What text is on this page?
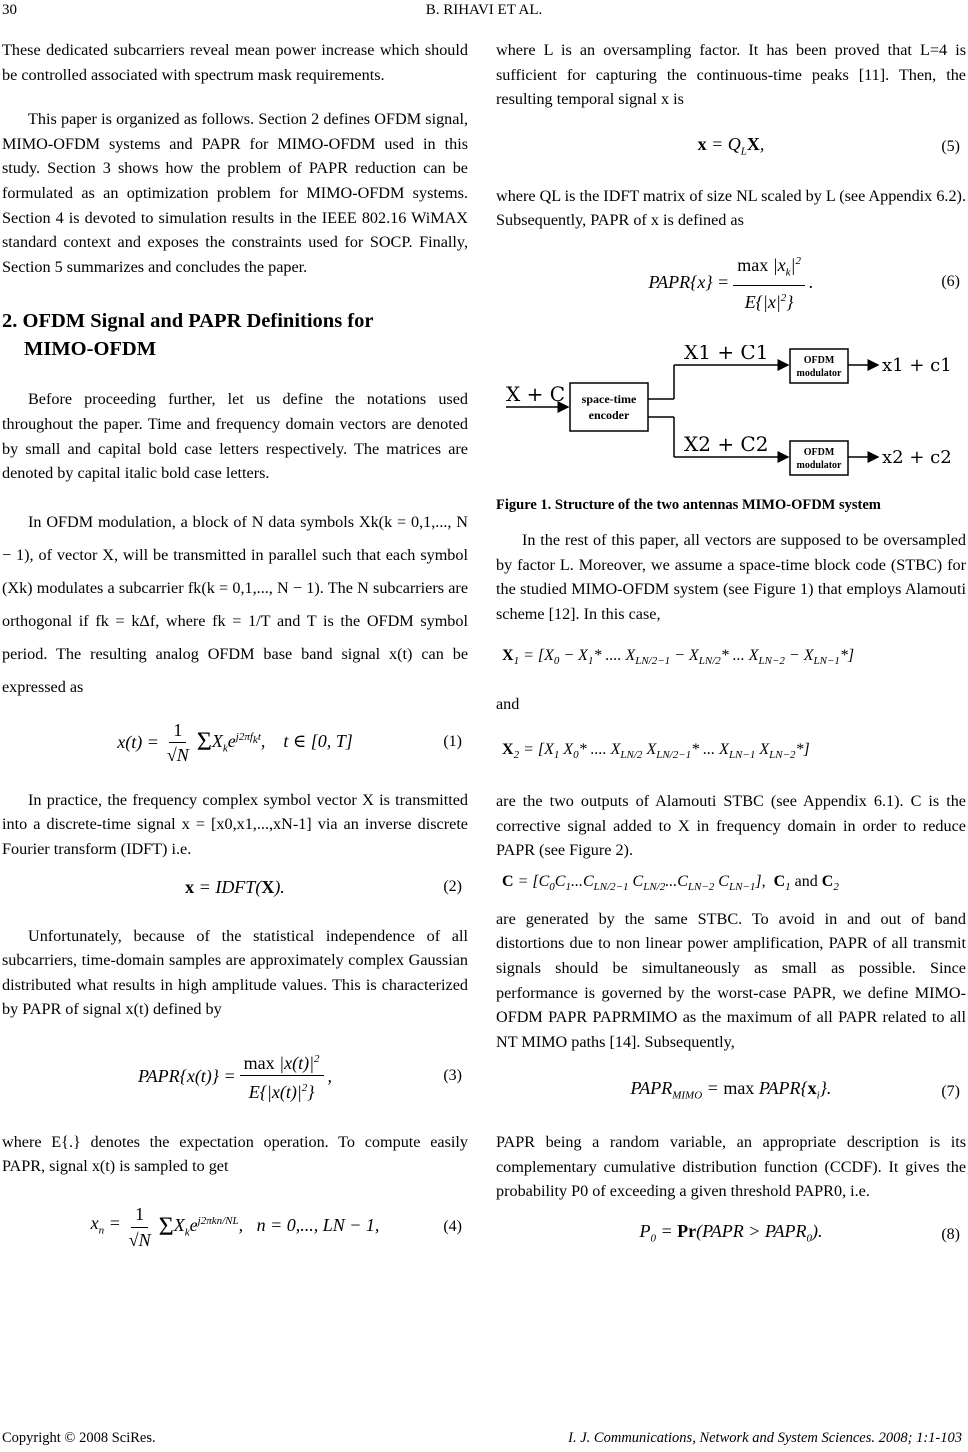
30	B. RIHAVI ET AL.

These dedicated subcarriers reveal mean power increase which should be controlled associated with spectrum mask requirements.

This paper is organized as follows. Section 2 defines OFDM signal, MIMO-OFDM systems and PAPR for MIMO-OFDM used in this study. Section 3 shows how the problem of PAPR reduction can be formulated as an optimization problem for MIMO-OFDM systems. Section 4 is devoted to simulation results in the IEEE 802.16 WiMAX standard context and exposes the constraints used for SOCP. Finally, Section 5 summarizes and concludes the paper.

2. OFDM Signal and PAPR Definitions for
MIMO-OFDM

Before proceeding further, let us define the notations used throughout the paper. Time and frequency domain vectors are denoted by small and capital bold case letters respectively. The matrices are denoted by capital italic bold case letters.

In OFDM modulation, a block of N data symbols Xk(k = 0,1,..., N − 1), of vector X, will be transmitted in parallel such that each symbol (Xk) modulates a subcarrier fk(k = 0,1,..., N − 1). The N subcarriers are orthogonal if fk = kΔf, where fk = 1/T and T is the OFDM symbol period. The resulting analog OFDM base band signal x(t) can be expressed as

$x(t) = \frac{1}{√N}$ Σ $X_ke^{j2\pi f_kt}$,    t ∈ [0, T]	(1)

In practice, the frequency complex symbol vector X is transmitted into a discrete-time signal x = [x0,x1,...,xN-1] via an inverse discrete Fourier transform (IDFT) i.e.

x = IDFT(X).	(2)

Unfortunately, because of the statistical independence of all subcarriers, time-domain samples are approximately complex Gaussian distributed what results in high amplitude values. This is characterized by PAPR of signal x(t) defined by

PAPR{x(t)} = $\frac{\max |x(t)|^2}{E\{|x(t)|^2\}}$ ,	(3)

where E{.} denotes the expectation operation. To compute easily PAPR, signal x(t) is sampled to get

$x_n = \frac{1}{√N}$ Σ $X_ke^{j2\pi kn/NL}$,   n = 0,..., LN − 1,	(4)

where L is an oversampling factor. It has been proved that L=4 is sufficient for capturing the continuous-time peaks [11]. Then, the resulting temporal signal x is

$x = Q_LX$,	(5)

where QL is the IDFT matrix of size NL scaled by L (see Appendix 6.2). Subsequently, PAPR of x is defined as

PAPR{x} = $\frac{\max |x_k|^2}{E\{|x|^2\}}$ .	(6)
X + C space-time
encoder
X1 + C1
X2 + C2
OFDM
modulator
OFDM
modulator
x1 + c1
x2 + c2
Figure 1. Structure of the two antennas MIMO-OFDM system

In the rest of this paper, all vectors are supposed to be oversampled by factor L. Moreover, we assume a space-time block code (STBC) for the studied MIMO-OFDM system (see Figure 1) that employs Alamouti scheme [12]. In this case,

$X_1 = [X_0 - X_1*$ .... $X_{LN/2-1} - X_{LN/2}*$ ... $X_{LN-2} - X_{LN-1}*$]

and

$X_2 = [X_1$ $X_0*$ .... $X_{LN/2}$ $X_{LN/2-1}*$ ... $X_{LN-1}$ $X_{LN-2}*$]

are the two outputs of Alamouti STBC (see Appendix 6.1). C is the corrective signal added to X in frequency domain in order to reduce PAPR (see Figure 2).

$C = [C_0C_1...C_{LN/2-1}$ $C_{LN/2}...C_{LN-2}$ $C_{LN-1}$],  $C_1$ and $C_2$

are generated by the same STBC. To avoid in and out of band distortions due to non linear power amplification, PAPR of all transmit signals should be simultaneously as small as possible. Since performance is governed by the worst-case PAPR, we define MIMO-OFDM PAPR PAPRMIMO as the maximum of all PAPR related to all NT MIMO paths [14]. Subsequently,

$PAPR_{MIMO} = \max$ $PAPR\{x_i\}$.	(7)

PAPR being a random variable, an appropriate description is its complementary cumulative distribution function (CCDF). It gives the probability P0 of exceeding a given threshold PAPR0, i.e.

$P_0$ = Pr(PAPR > $PAPR_0$).	(8)
Copyright © 2008 SciRes.	I. J. Communications, Network and System Sciences. 2008; 1:1-103
